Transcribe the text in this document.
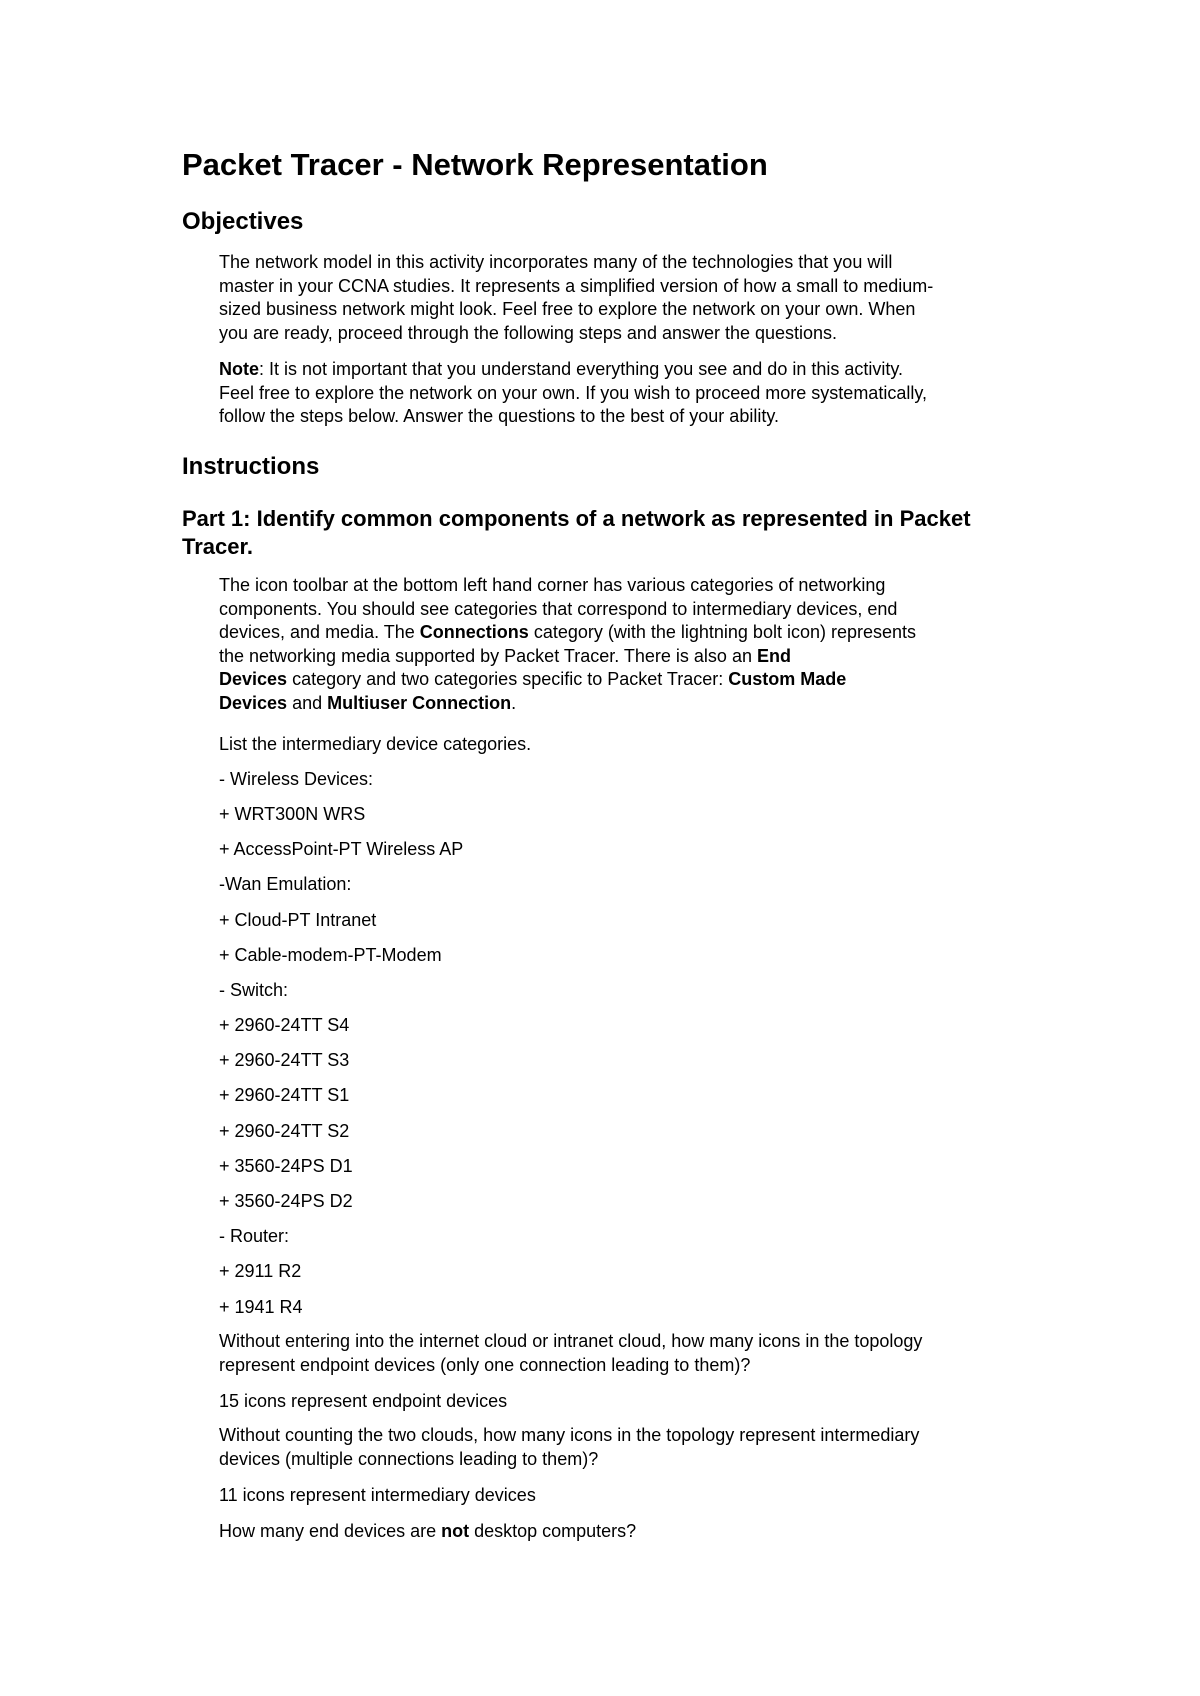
Packet Tracer - Network Representation
Objectives

The network model in this activity incorporates many of the technologies that you will
master in your CCNA studies. It represents a simplified version of how a small to medium-
sized business network might look. Feel free to explore the network on your own. When
you are ready, proceed through the following steps and answer the questions.

Note: It is not important that you understand everything you see and do in this activity.
Feel free to explore the network on your own. If you wish to proceed more systematically,
follow the steps below. Answer the questions to the best of your ability.

Instructions
Part 1: Identify common components of a network as represented in Packet Tracer.

The icon toolbar at the bottom left hand corner has various categories of networking
components. You should see categories that correspond to intermediary devices, end
devices, and media. The Connections category (with the lightning bolt icon) represents
the networking media supported by Packet Tracer. There is also an End
Devices category and two categories specific to Packet Tracer: Custom Made
Devices and Multiuser Connection.

List the intermediary device categories.

- Wireless Devices:

+ WRT300N WRS

+ AccessPoint-PT Wireless AP

-Wan Emulation:

+ Cloud-PT Intranet

+ Cable-modem-PT-Modem

- Switch:

+ 2960-24TT S4

+ 2960-24TT S3

+ 2960-24TT S1

+ 2960-24TT S2

+ 3560-24PS D1

+ 3560-24PS D2

- Router:

+ 2911 R2

+ 1941 R4

Without entering into the internet cloud or intranet cloud, how many icons in the topology
represent endpoint devices (only one connection leading to them)?

15 icons represent endpoint devices

Without counting the two clouds, how many icons in the topology represent intermediary
devices (multiple connections leading to them)?

11 icons represent intermediary devices

How many end devices are not desktop computers?
